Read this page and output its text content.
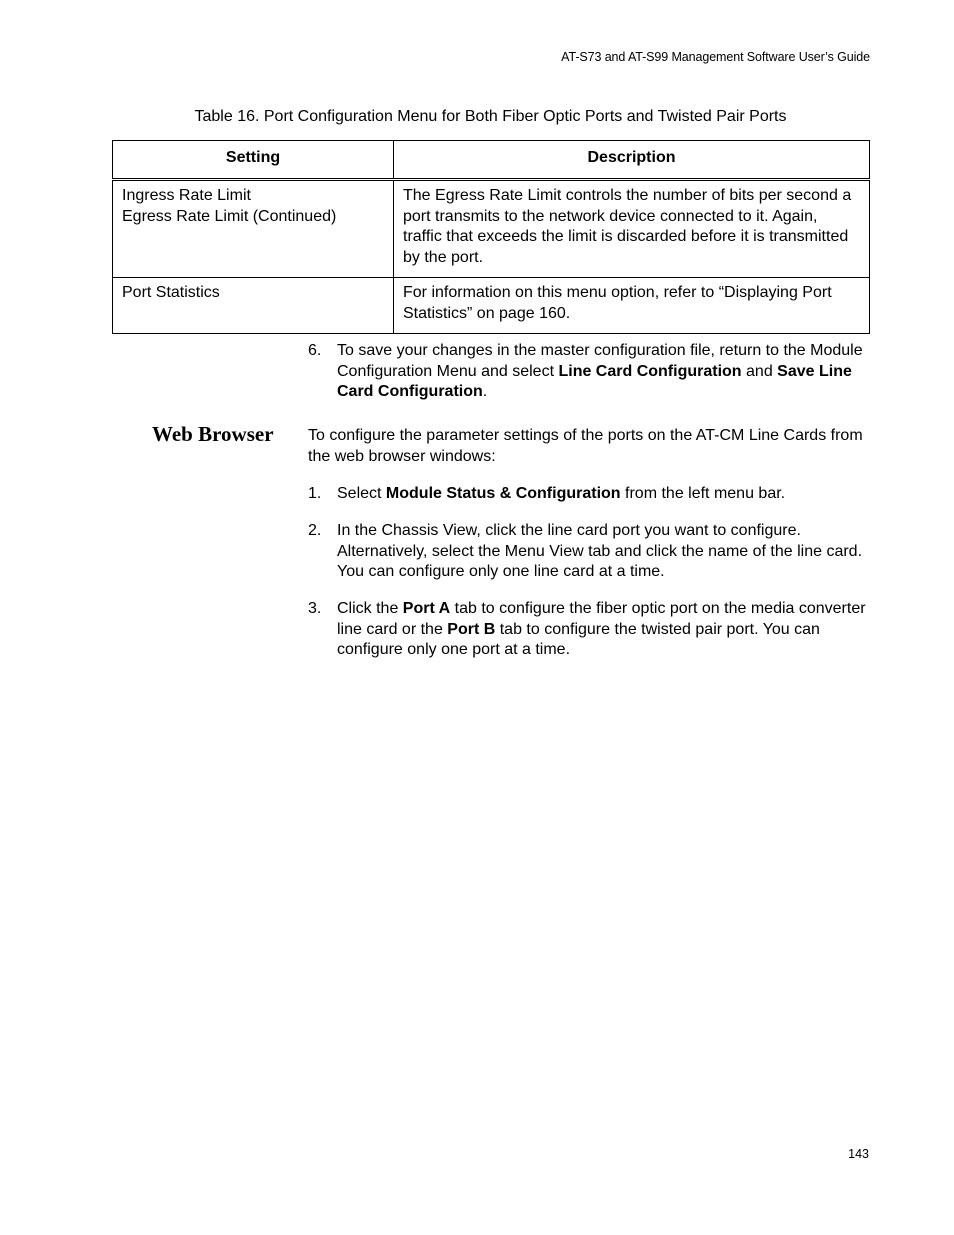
AT-S73 and AT-S99 Management Software User’s Guide
Table 16. Port Configuration Menu for Both Fiber Optic Ports and Twisted Pair Ports
Setting	Description

Ingress Rate Limit
Egress Rate Limit (Continued)	The Egress Rate Limit controls the number of bits per second a port transmits to the network device connected to it. Again, traffic that exceeds the limit is discarded before it is transmitted by the port.

Port Statistics	For information on this menu option, refer to “Displaying Port Statistics” on page 160.
6. To save your changes in the master configuration file, return to the Module Configuration Menu and select Line Card Configuration and Save Line Card Configuration.
Web Browser To configure the parameter settings of the ports on the AT-CM Line Cards from the web browser windows:
1. Select Module Status & Configuration from the left menu bar.
2. In the Chassis View, click the line card port you want to configure. Alternatively, select the Menu View tab and click the name of the line card. You can configure only one line card at a time.
3. Click the Port A tab to configure the fiber optic port on the media converter line card or the Port B tab to configure the twisted pair port. You can configure only one port at a time.
143
